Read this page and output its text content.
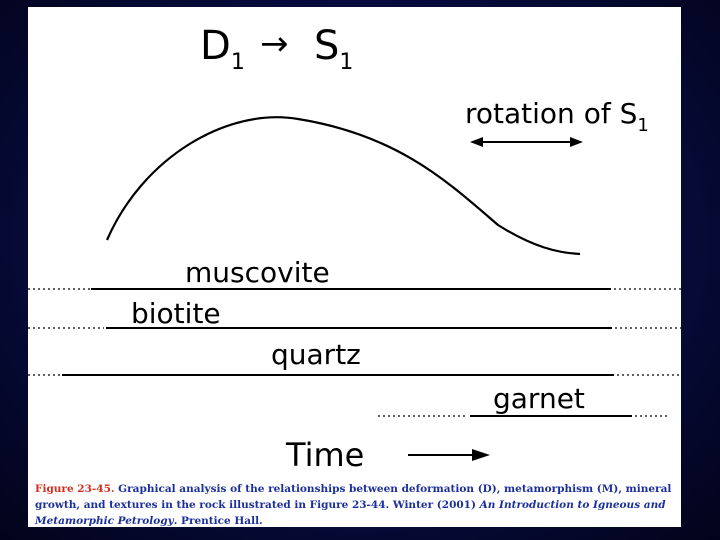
$D_1 \to S_1$
rotation of $S_1$
muscovite
biotite
quartz
garnet
Time
Figure 23-45. Graphical analysis of the relationships between deformation (D), metamorphism (M), mineral growth, and textures in the rock illustrated in Figure 23-44. Winter (2001) An Introduction to Igneous and Metamorphic Petrology. Prentice Hall.
